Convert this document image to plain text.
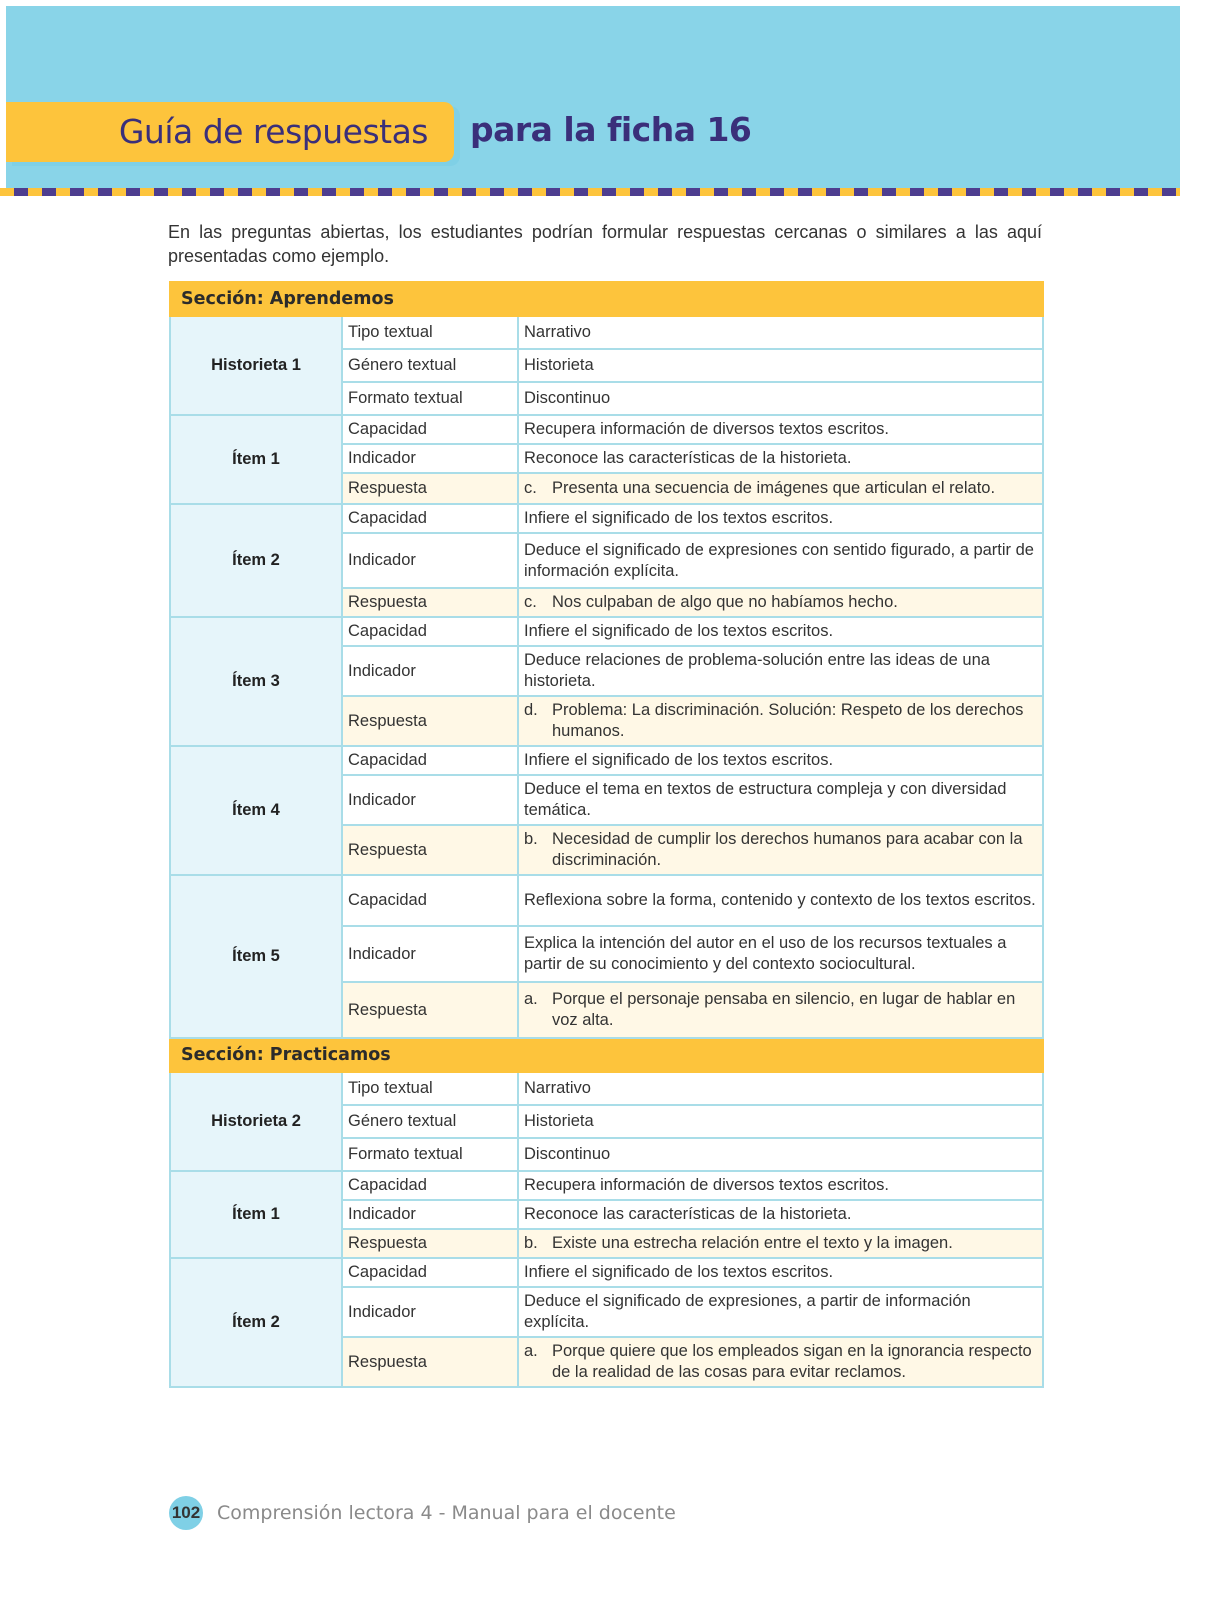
Guía de respuestas para la ficha 16

En las preguntas abiertas, los estudiantes podrían formular respuestas cercanas o similares a las aquí presentadas como ejemplo.

Sección: Aprendemos		
Historieta 1	Tipo textual	Narrativo
	Género textual	Historieta
	Formato textual	Discontinuo
Ítem 1	Capacidad	Recupera información de diversos textos escritos.
	Indicador	Reconoce las características de la historieta.
	Respuesta	c. Presenta una secuencia de imágenes que articulan el relato.

Ítem 2	Capacidad	Infiere el significado de los textos escritos.
	Indicador	Deduce el significado de expresiones con sentido figurado, a partir de información explícita.
	Respuesta	c. Nos culpaban de algo que no habíamos hecho.

Ítem 3	Capacidad	Infiere el significado de los textos escritos.
	Indicador	Deduce relaciones de problema-solución entre las ideas de una historieta.
	Respuesta	d. Problema: La discriminación. Solución: Respeto de los derechos humanos.

Ítem 4	Capacidad	Infiere el significado de los textos escritos.
	Indicador	Deduce el tema en textos de estructura compleja y con diversidad temática.
	Respuesta	b. Necesidad de cumplir los derechos humanos para acabar con la discriminación.

Ítem 5	Capacidad	Reflexiona sobre la forma, contenido y contexto de los textos escritos.
	Indicador	Explica la intención del autor en el uso de los recursos textuales a partir de su conocimiento y del contexto sociocultural.
	Respuesta	a. Porque el personaje pensaba en silencio, en lugar de hablar en voz alta.

Sección: Practicamos		
Historieta 2	Tipo textual	Narrativo
	Género textual	Historieta
	Formato textual	Discontinuo
Ítem 1	Capacidad	Recupera información de diversos textos escritos.
	Indicador	Reconoce las características de la historieta.
	Respuesta	b. Existe una estrecha relación entre el texto y la imagen.

Ítem 2	Capacidad	Infiere el significado de los textos escritos.
	Indicador	Deduce el significado de expresiones, a partir de información explícita.
	Respuesta	a. Porque quiere que los empleados sigan en la ignorancia respecto de la realidad de las cosas para evitar reclamos.
102 Comprensión lectora 4 - Manual para el docente
